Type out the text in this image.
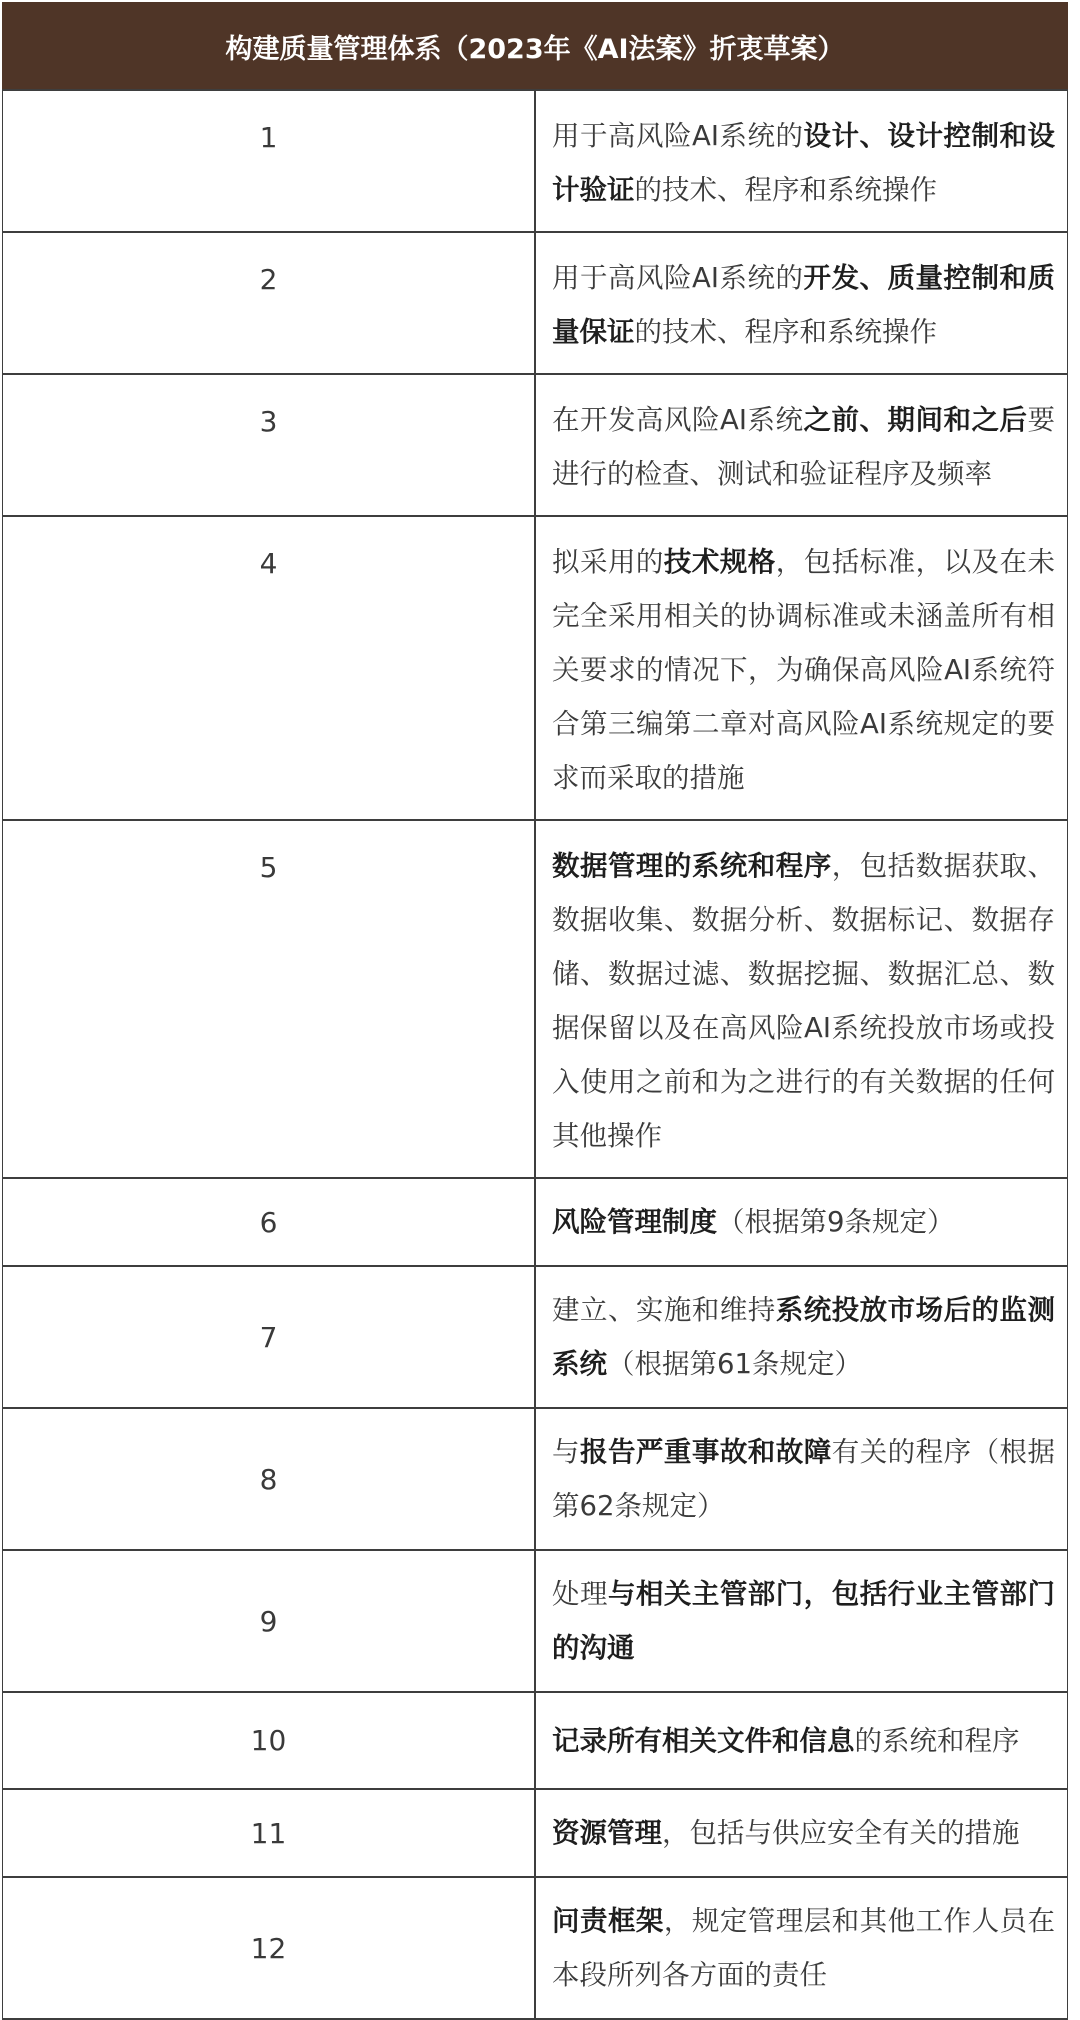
构建质量管理体系（2023年《AI法案》折衷草案）	

1	用于高风险AI系统的设计、设计控制和设计验证的技术、程序和系统操作

2	用于高风险AI系统的开发、质量控制和质量保证的技术、程序和系统操作

3	在开发高风险AI系统之前、期间和之后要进行的检查、测试和验证程序及频率

4	拟采用的技术规格，包括标准，以及在未完全采用相关的协调标准或未涵盖所有相关要求的情况下，为确保高风险AI系统符合第三编第二章对高风险AI系统规定的要求而采取的措施

5	数据管理的系统和程序，包括数据获取、数据收集、数据分析、数据标记、数据存储、数据过滤、数据挖掘、数据汇总、数据保留以及在高风险AI系统投放市场或投入使用之前和为之进行的有关数据的任何其他操作

6	风险管理制度（根据第9条规定）

7	建立、实施和维持系统投放市场后的监测系统（根据第61条规定）

8	与报告严重事故和故障有关的程序（根据第62条规定）

9	处理与相关主管部门，包括行业主管部门的沟通

10	记录所有相关文件和信息的系统和程序

11	资源管理，包括与供应安全有关的措施

12	问责框架，规定管理层和其他工作人员在本段所列各方面的责任
